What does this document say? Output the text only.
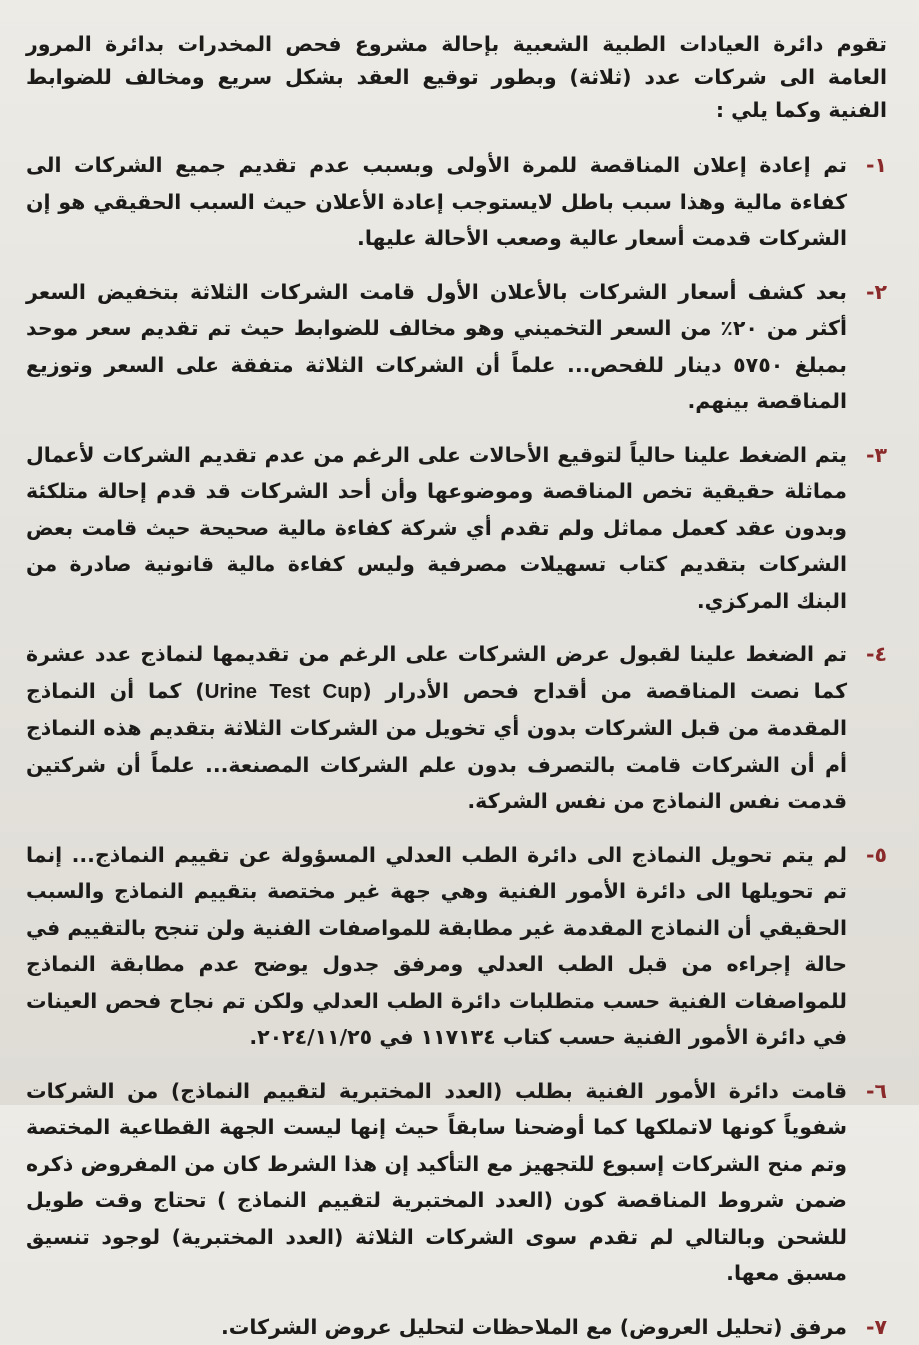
تقوم دائرة العيادات الطبية الشعبية بإحالة مشروع فحص المخدرات بدائرة المرور العامة الى شركات عدد (ثلاثة) وبطور توقيع العقد بشكل سريع ومخالف للضوابط الفنية وكما يلي :

١-
تم إعادة إعلان المناقصة للمرة الأولى وبسبب عدم تقديم جميع الشركات الى كفاءة مالية وهذا سبب باطل لايستوجب إعادة الأعلان حيث السبب الحقيقي هو إن الشركات قدمت أسعار عالية وصعب الأحالة عليها.
٢-
بعد كشف أسعار الشركات بالأعلان الأول قامت الشركات الثلاثة بتخفيض السعر أكثر من ٢٠٪ من السعر التخميني وهو مخالف للضوابط حيث تم تقديم سعر موحد بمبلغ ٥٧٥٠ دينار للفحص... علماً أن الشركات الثلاثة متفقة على السعر وتوزيع المناقصة بينهم.
٣-
يتم الضغط علينا حالياً لتوقيع الأحالات على الرغم من عدم تقديم الشركات لأعمال مماثلة حقيقية تخص المناقصة وموضوعها وأن أحد الشركات قد قدم إحالة متلكئة وبدون عقد كعمل مماثل ولم تقدم أي شركة كفاءة مالية صحيحة حيث قامت بعض الشركات بتقديم كتاب تسهيلات مصرفية وليس كفاءة مالية قانونية صادرة من البنك المركزي.
٤-
تم الضغط علينا لقبول عرض الشركات على الرغم من تقديمها لنماذج عدد عشرة كما نصت المناقصة من أقداح فحص الأدرار (Urine Test Cup) كما أن النماذج المقدمة من قبل الشركات بدون أي تخويل من الشركات الثلاثة بتقديم هذه النماذج أم أن الشركات قامت بالتصرف بدون علم الشركات المصنعة... علماً أن شركتين قدمت نفس النماذج من نفس الشركة.
٥-
لم يتم تحويل النماذج الى دائرة الطب العدلي المسؤولة عن تقييم النماذج... إنما تم تحويلها الى دائرة الأمور الفنية وهي جهة غير مختصة بتقييم النماذج والسبب الحقيقي أن النماذج المقدمة غير مطابقة للمواصفات الفنية ولن تنجح بالتقييم في حالة إجراءه من قبل الطب العدلي ومرفق جدول يوضح عدم مطابقة النماذج للمواصفات الفنية حسب متطلبات دائرة الطب العدلي ولكن تم نجاح فحص العينات في دائرة الأمور الفنية حسب كتاب ١١٧١٣٤ في ٢٠٢٤/١١/٢٥.
٦-
قامت دائرة الأمور الفنية بطلب (العدد المختبرية لتقييم النماذج) من الشركات شفوياً كونها لاتملكها كما أوضحنا سابقاً حيث إنها ليست الجهة القطاعية المختصة وتم منح الشركات إسبوع للتجهيز مع التأكيد إن هذا الشرط كان من المفروض ذكره ضمن شروط المناقصة كون (العدد المختبرية لتقييم النماذج ) تحتاج وقت طويل للشحن وبالتالي لم تقدم سوى الشركات الثلاثة (العدد المختبرية) لوجود تنسيق مسبق معها.
٧-
مرفق (تحليل العروض) مع الملاحظات لتحليل عروض الشركات.
